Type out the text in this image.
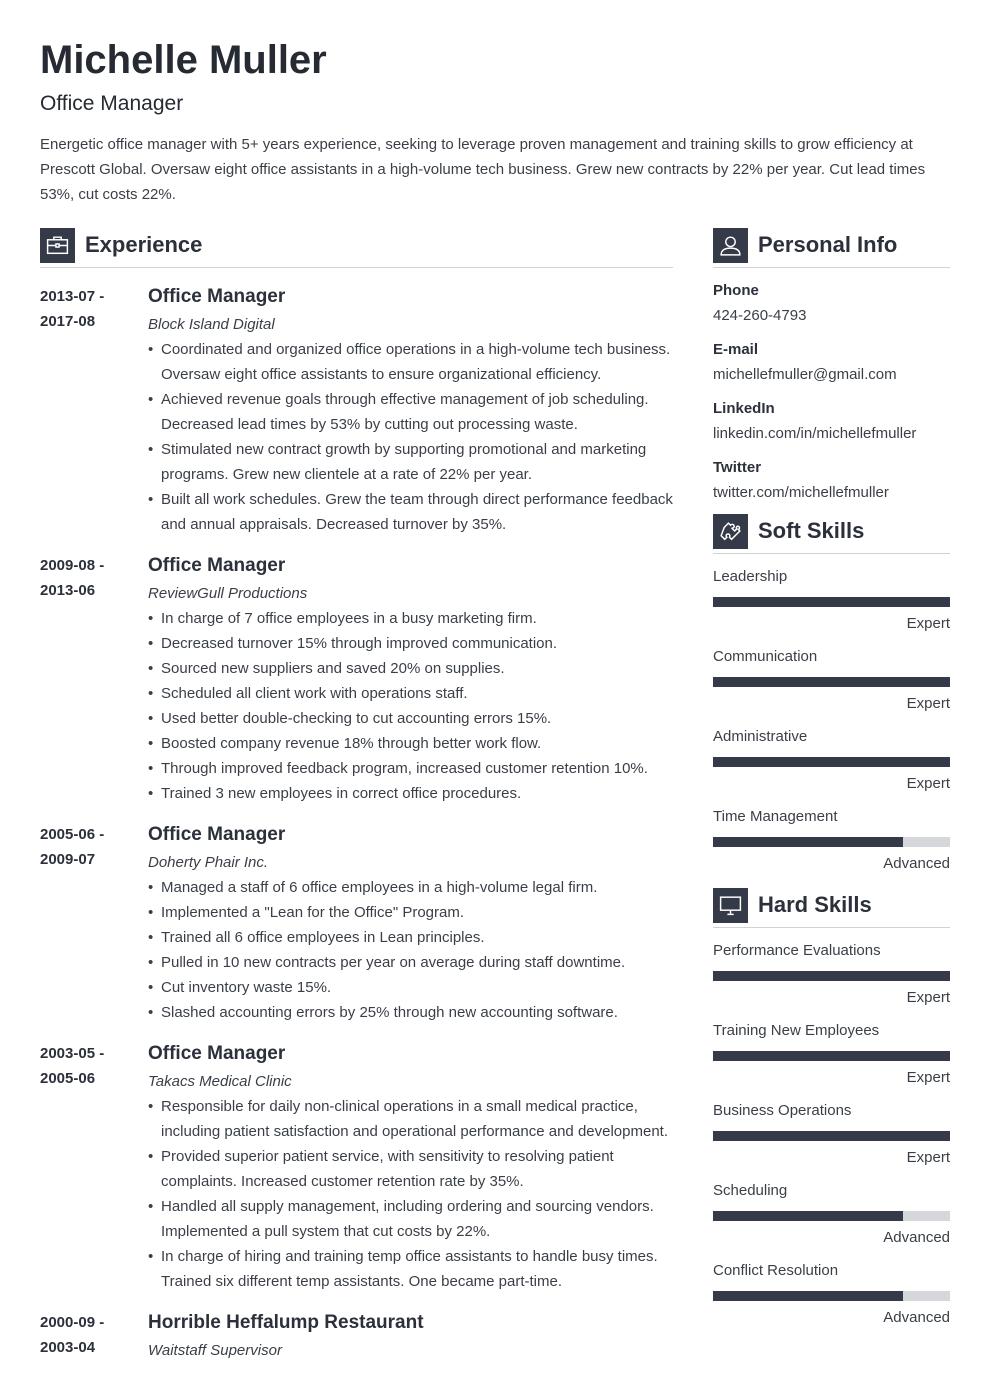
Michelle Muller
Office Manager

Energetic office manager with 5+ years experience, seeking to leverage proven management and training skills to grow efficiency at Prescott Global. Oversaw eight office assistants in a high-volume tech business. Grew new contracts by 22% per year. Cut lead times 53%, cut costs 22%.

Experience
2013-07 -
2017-08
Office Manager
Block Island Digital
• Coordinated and organized office operations in a high-volume tech business. Oversaw eight office assistants to ensure organizational efficiency.
• Achieved revenue goals through effective management of job scheduling. Decreased lead times by 53% by cutting out processing waste.
• Stimulated new contract growth by supporting promotional and marketing programs. Grew new clientele at a rate of 22% per year.
• Built all work schedules. Grew the team through direct performance feedback and annual appraisals. Decreased turnover by 35%.
2009-08 -
2013-06
Office Manager
ReviewGull Productions
• In charge of 7 office employees in a busy marketing firm.
• Decreased turnover 15% through improved communication.
• Sourced new suppliers and saved 20% on supplies.
• Scheduled all client work with operations staff.
• Used better double-checking to cut accounting errors 15%.
• Boosted company revenue 18% through better work flow.
• Through improved feedback program, increased customer retention 10%.
• Trained 3 new employees in correct office procedures.
2005-06 -
2009-07
Office Manager
Doherty Phair Inc.
• Managed a staff of 6 office employees in a high-volume legal firm.
• Implemented a "Lean for the Office" Program.
• Trained all 6 office employees in Lean principles.
• Pulled in 10 new contracts per year on average during staff downtime.
• Cut inventory waste 15%.
• Slashed accounting errors by 25% through new accounting software.
2003-05 -
2005-06
Office Manager
Takacs Medical Clinic
• Responsible for daily non-clinical operations in a small medical practice, including patient satisfaction and operational performance and development.
• Provided superior patient service, with sensitivity to resolving patient complaints. Increased customer retention rate by 35%.
• Handled all supply management, including ordering and sourcing vendors. Implemented a pull system that cut costs by 22%.
• In charge of hiring and training temp office assistants to handle busy times. Trained six different temp assistants. One became part-time.
2000-09 -
2003-04
Horrible Heffalump Restaurant
Waitstaff Supervisor
Personal Info
Phone
424-260-4793
E-mail
michellefmuller@gmail.com
LinkedIn
linkedin.com/in/michellefmuller
Twitter
twitter.com/michellefmuller
Soft Skills
Leadership
Expert
Communication
Expert
Administrative
Expert
Time Management
Advanced
Hard Skills
Performance Evaluations
Expert
Training New Employees
Expert
Business Operations
Expert
Scheduling
Advanced
Conflict Resolution
Advanced
